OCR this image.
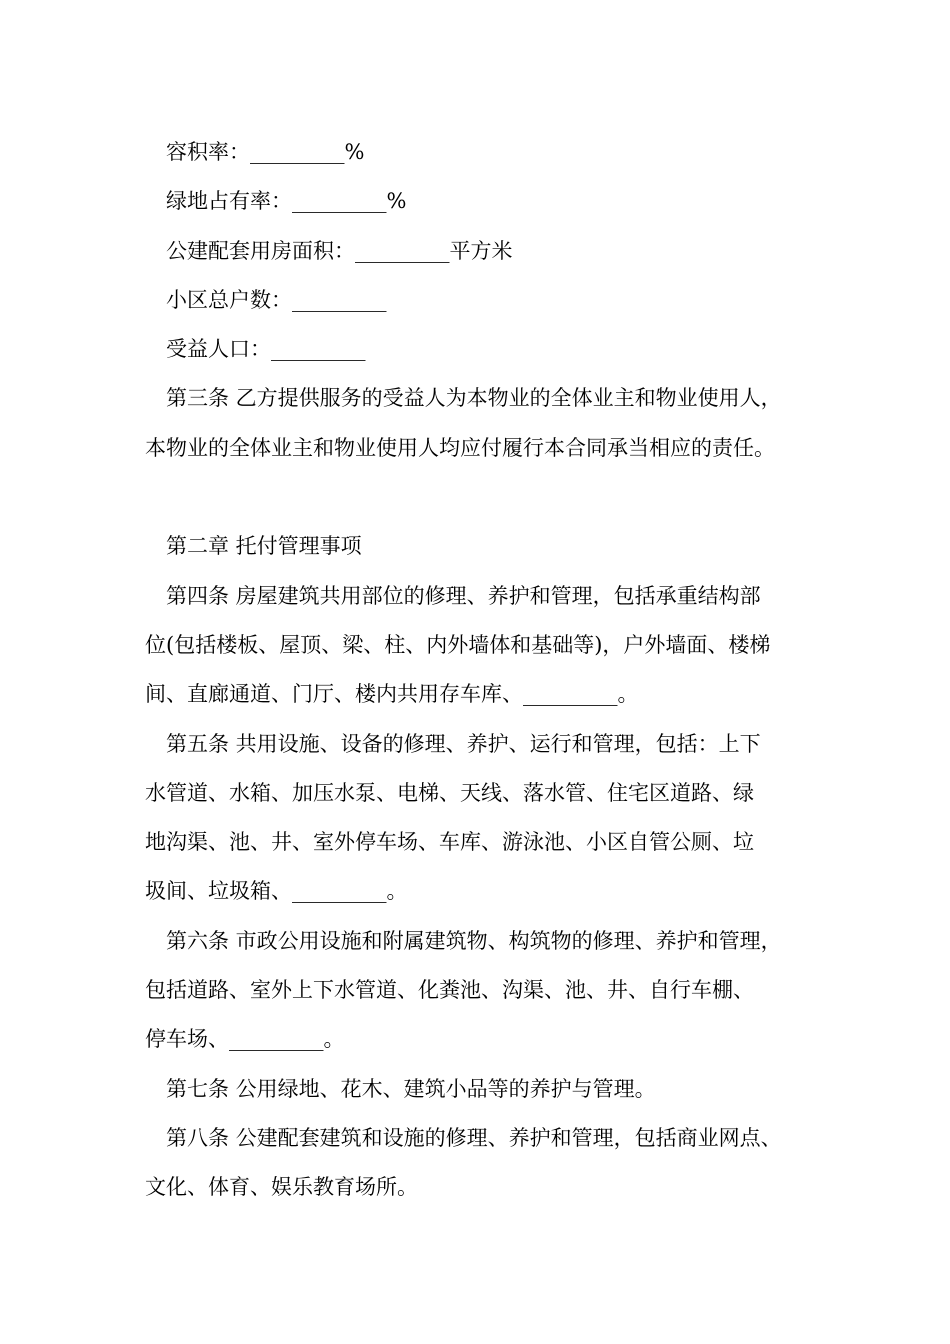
容积率：_________%
绿地占有率：_________%
公建配套用房面积：_________平方米
小区总户数：_________
受益人口：_________
第三条 乙方提供服务的受益人为本物业的全体业主和物业使用人，
本物业的全体业主和物业使用人均应付履行本合同承当相应的责任。
第二章 托付管理事项
第四条 房屋建筑共用部位的修理、养护和管理，包括承重结构部
位(包括楼板、屋顶、梁、柱、内外墙体和基础等)，户外墙面、楼梯
间、直廊通道、门厅、楼内共用存车库、_________。
第五条 共用设施、设备的修理、养护、运行和管理，包括：上下
水管道、水箱、加压水泵、电梯、天线、落水管、住宅区道路、绿
地沟渠、池、井、室外停车场、车库、游泳池、小区自管公厕、垃
圾间、垃圾箱、_________。
第六条 市政公用设施和附属建筑物、构筑物的修理、养护和管理，
包括道路、室外上下水管道、化粪池、沟渠、池、井、自行车棚、
停车场、_________。
第七条 公用绿地、花木、建筑小品等的养护与管理。
第八条 公建配套建筑和设施的修理、养护和管理，包括商业网点、
文化、体育、娱乐教育场所。
